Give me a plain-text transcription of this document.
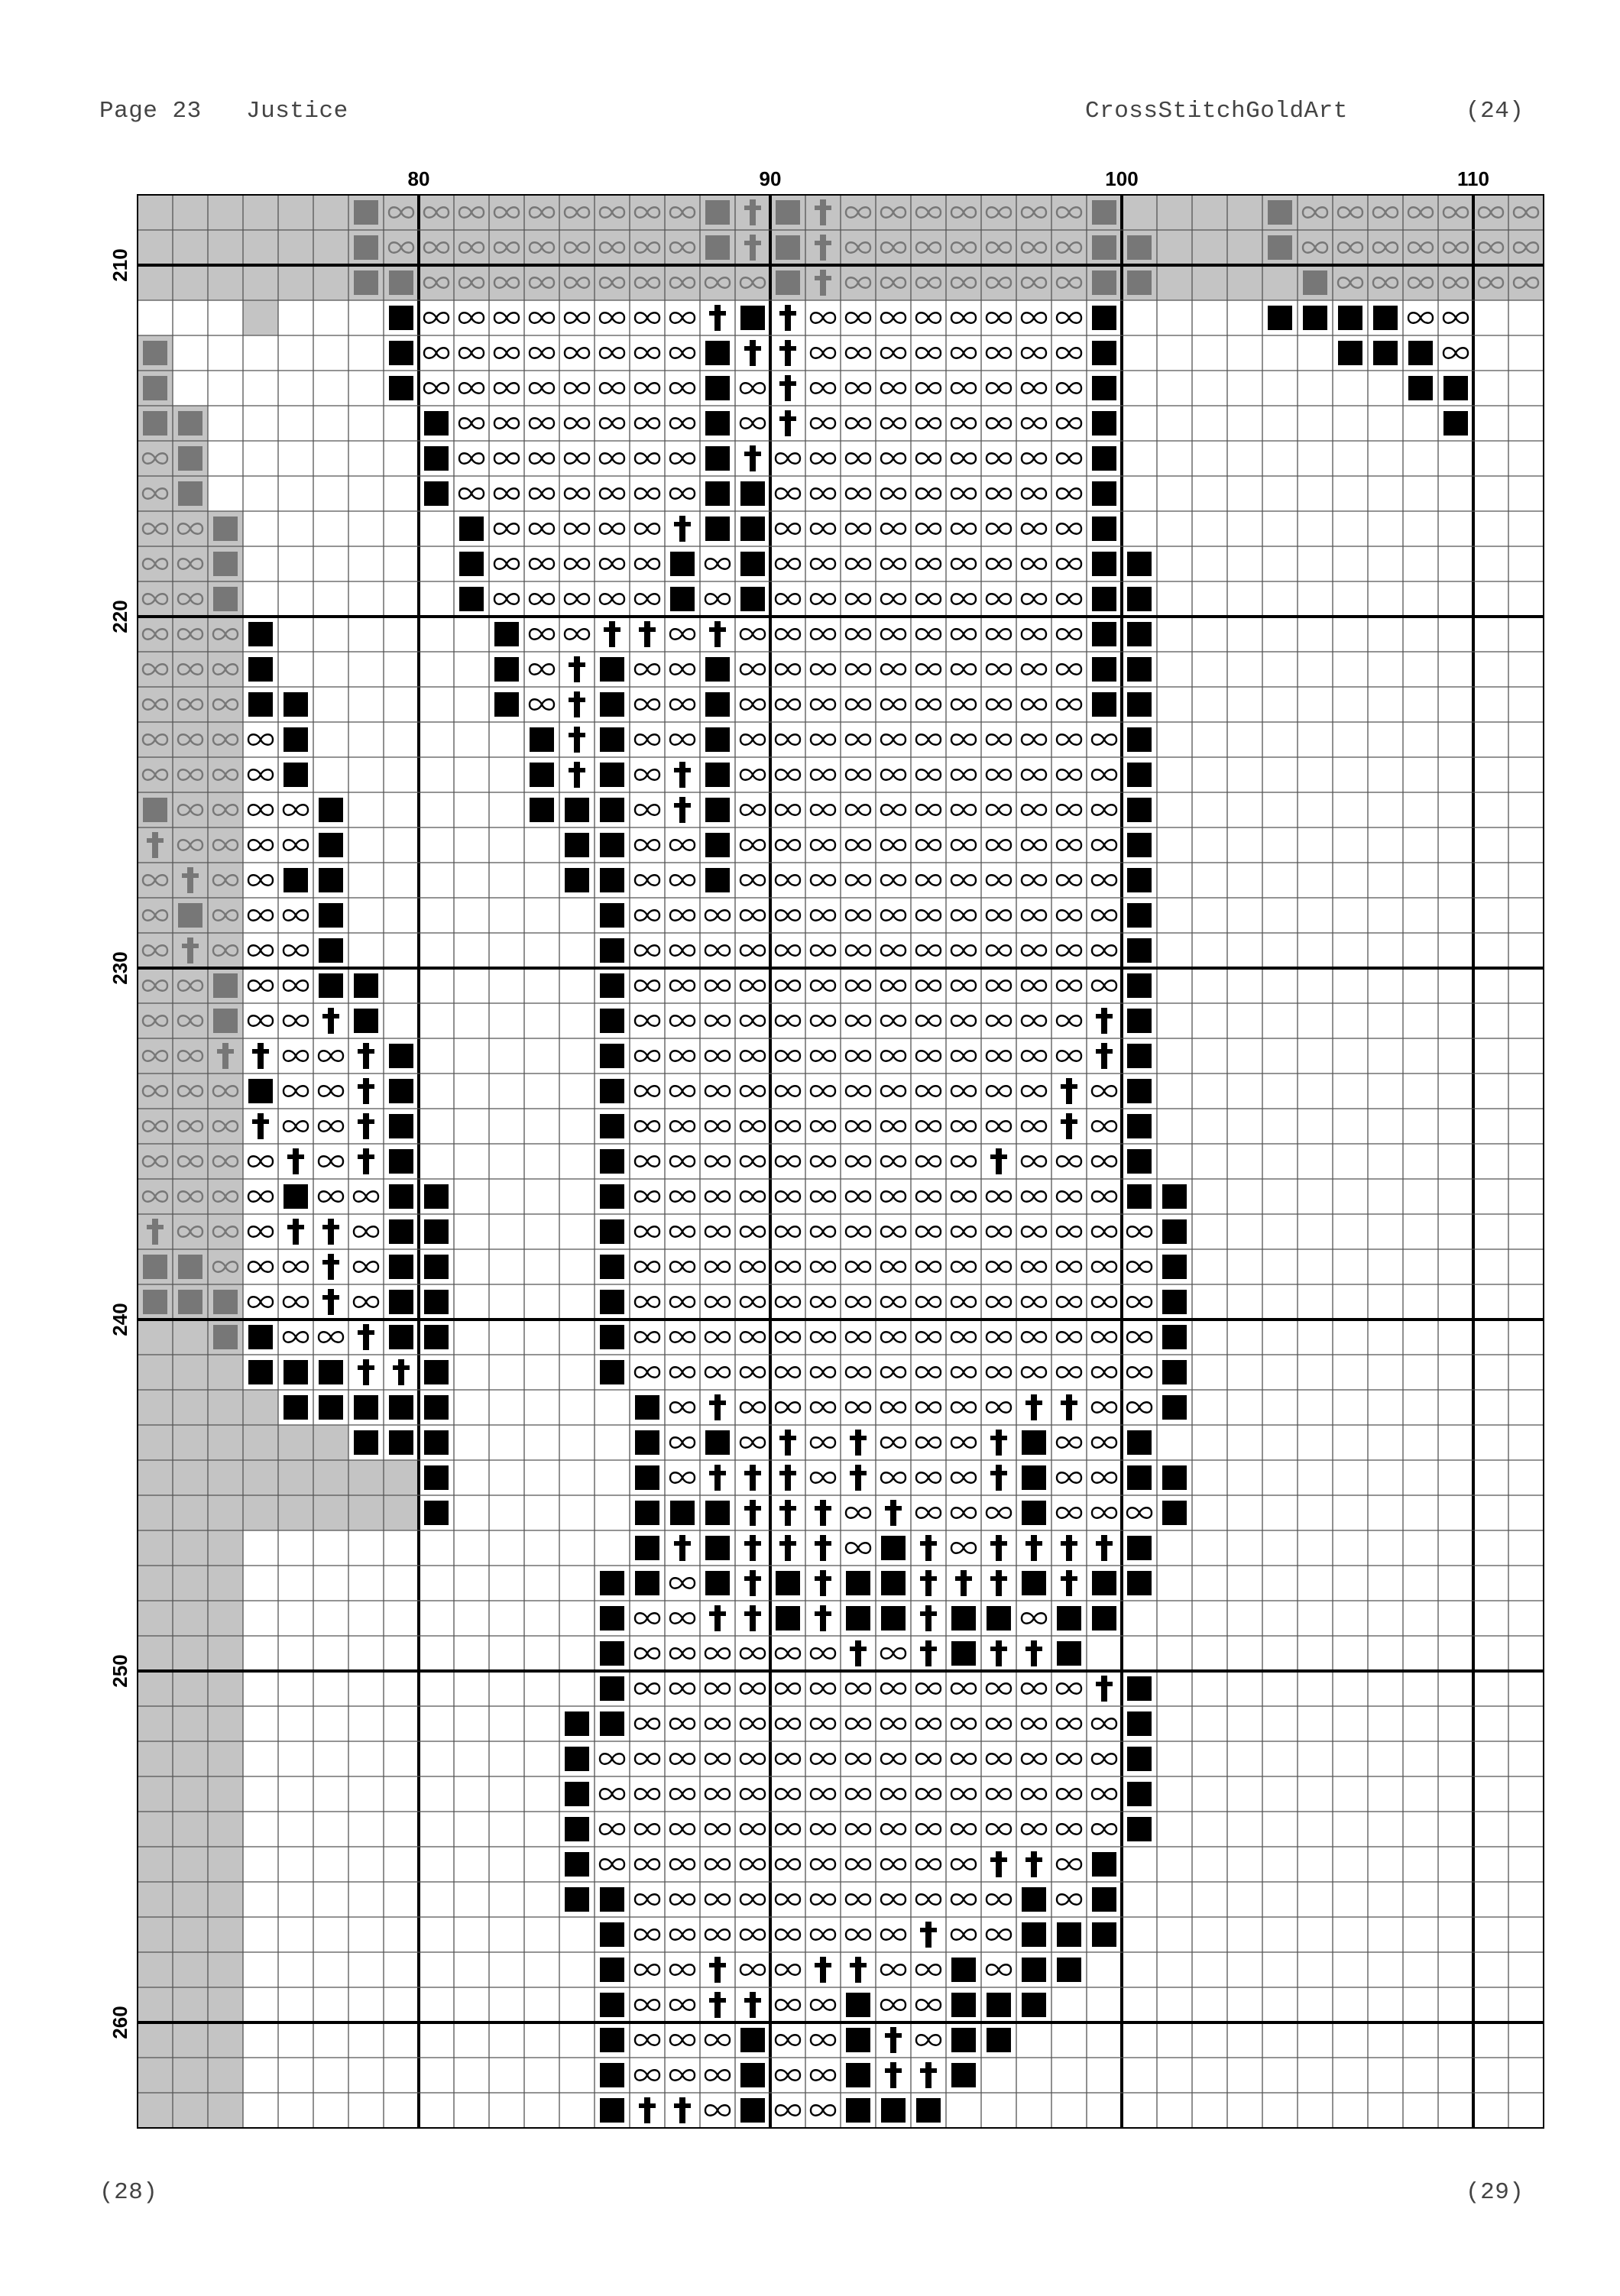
Page 23 Justice	CrossStitchGoldArt	(24)
80	90	100	110
210
220
230
240
250
260
(28)	(29)
